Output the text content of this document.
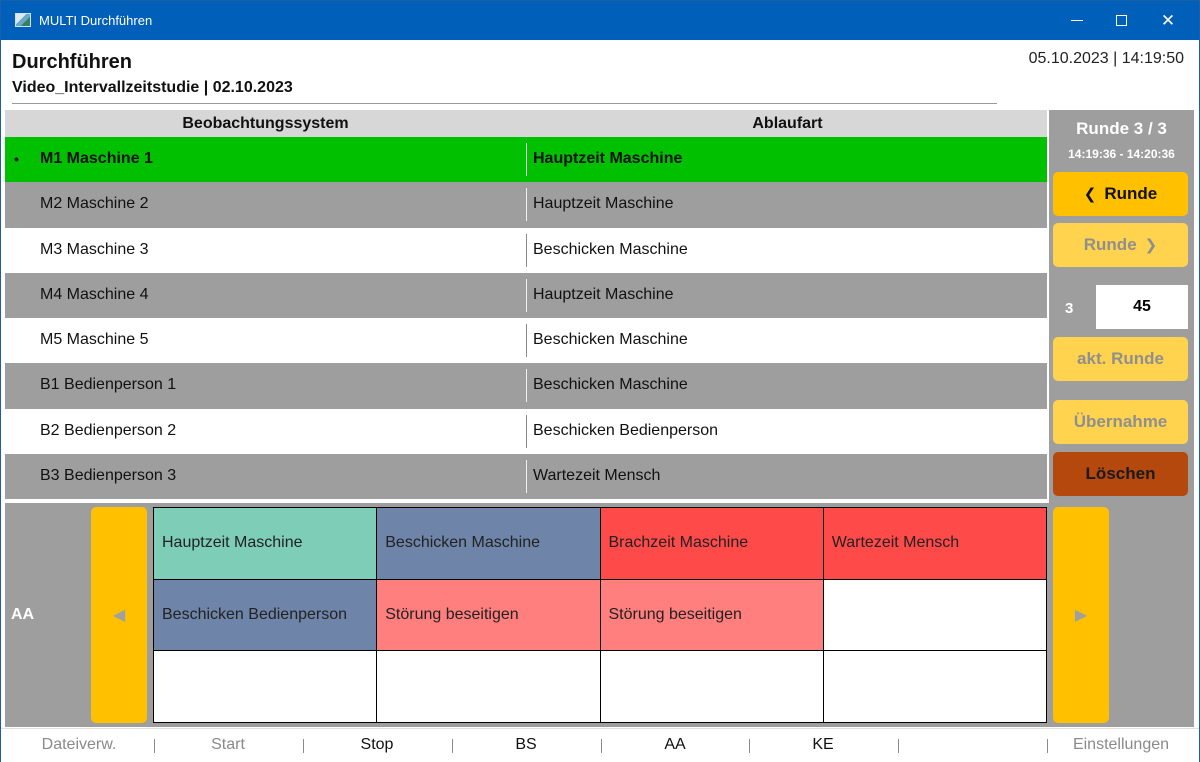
MULTI Durchführen	✕
Durchführen
Video_Intervallzeitstudie | 02.10.2023
05.10.2023 | 14:19:50
Beobachtungssystem	Ablaufart
• M1 Maschine 1	Hauptzeit Maschine
M2 Maschine 2	Hauptzeit Maschine
M3 Maschine 3	Beschicken Maschine
M4 Maschine 4	Hauptzeit Maschine
M5 Maschine 5	Beschicken Maschine
B1 Bedienperson 1	Beschicken Maschine
B2 Bedienperson 2	Beschicken Bedienperson
B3 Bedienperson 3	Wartezeit Mensch
Runde 3 / 3
14:19:36 - 14:20:36
❮ Runde
Runde ❯
3
45
akt. Runde
Übernahme
Löschen
AA	◀
Hauptzeit Maschine	Beschicken Maschine	Brachzeit Maschine	Wartezeit Mensch
Beschicken Bedienperson	Störung beseitigen	Störung beseitigen	▶
Dateiverw.	Start	Stop	BS	AA	KE	Einstellungen
